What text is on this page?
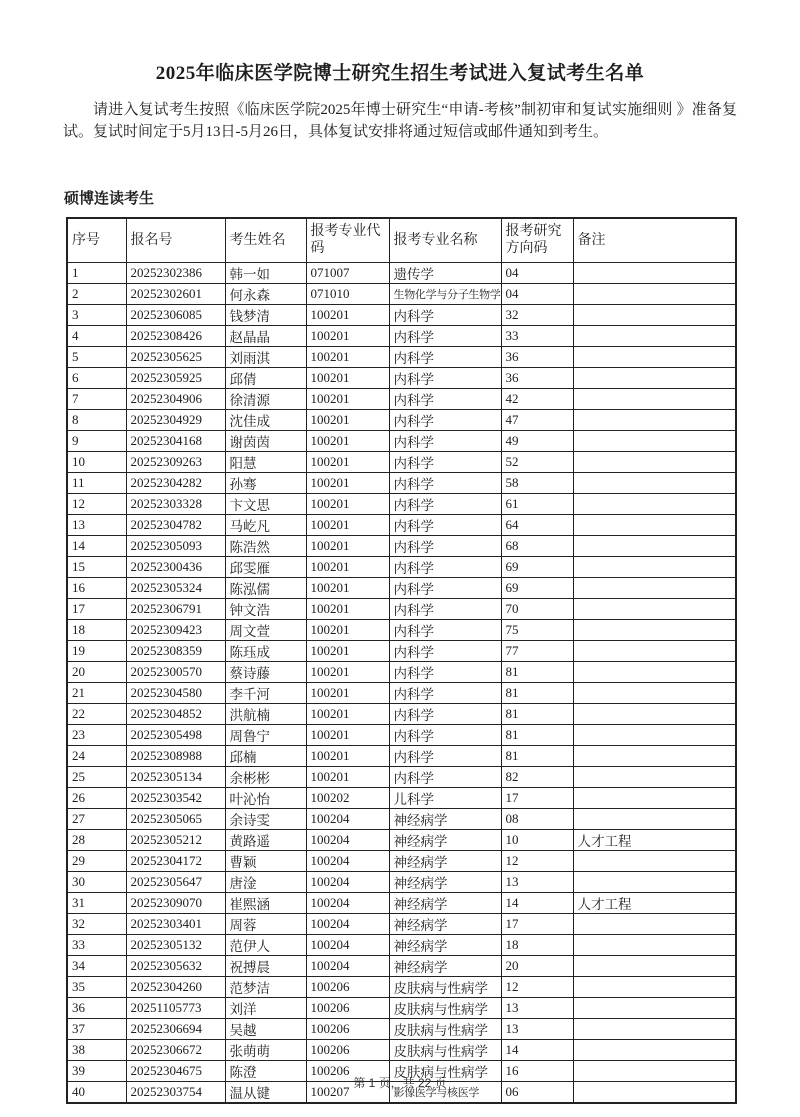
2025年临床医学院博士研究生招生考试进入复试考生名单
请进入复试考生按照《临床医学院2025年博士研究生“申请-考核”制初审和复试实施细则 》准备复试。复试时间定于5月13日-5月26日，具体复试安排将通过短信或邮件通知到考生。
硕博连读考生
序号	报名号	考生姓名	报考专业代码	报考专业名称	报考研究方向码	备注
1	20252302386	韩一如	071007	遗传学	04	
2	20252302601	何永森	071010	生物化学与分子生物学	04	
3	20252306085	钱梦清	100201	内科学	32	
4	20252308426	赵晶晶	100201	内科学	33	
5	20252305625	刘雨淇	100201	内科学	36	
6	20252305925	邱倩	100201	内科学	36	
7	20252304906	徐清源	100201	内科学	42	
8	20252304929	沈佳成	100201	内科学	47	
9	20252304168	谢茵茵	100201	内科学	49	
10	20252309263	阳慧	100201	内科学	52	
11	20252304282	孙骞	100201	内科学	58	
12	20252303328	卞文思	100201	内科学	61	
13	20252304782	马屹凡	100201	内科学	64	
14	20252305093	陈浩然	100201	内科学	68	
15	20252300436	邱雯雁	100201	内科学	69	
16	20252305324	陈泓儒	100201	内科学	69	
17	20252306791	钟文浩	100201	内科学	70	
18	20252309423	周文萱	100201	内科学	75	
19	20252308359	陈珏成	100201	内科学	77	
20	20252300570	蔡诗藤	100201	内科学	81	
21	20252304580	李千河	100201	内科学	81	
22	20252304852	洪航楠	100201	内科学	81	
23	20252305498	周鲁宁	100201	内科学	81	
24	20252308988	邱楠	100201	内科学	81	
25	20252305134	余彬彬	100201	内科学	82	
26	20252303542	叶沁怡	100202	儿科学	17	
27	20252305065	余诗雯	100204	神经病学	08	
28	20252305212	黄路遥	100204	神经病学	10	人才工程
29	20252304172	曹颖	100204	神经病学	12	
30	20252305647	唐淦	100204	神经病学	13	
31	20252309070	崔熙涵	100204	神经病学	14	人才工程
32	20252303401	周蓉	100204	神经病学	17	
33	20252305132	范伊人	100204	神经病学	18	
34	20252305632	祝搏晨	100204	神经病学	20	
35	20252304260	范梦洁	100206	皮肤病与性病学	12	
36	20251105773	刘洋	100206	皮肤病与性病学	13	
37	20252306694	吴越	100206	皮肤病与性病学	13	
38	20252306672	张萌萌	100206	皮肤病与性病学	14	
39	20252304675	陈澄	100206	皮肤病与性病学	16	
40	20252303754	温从键	100207	影像医学与核医学	06	
第 1 页，共 22 页
